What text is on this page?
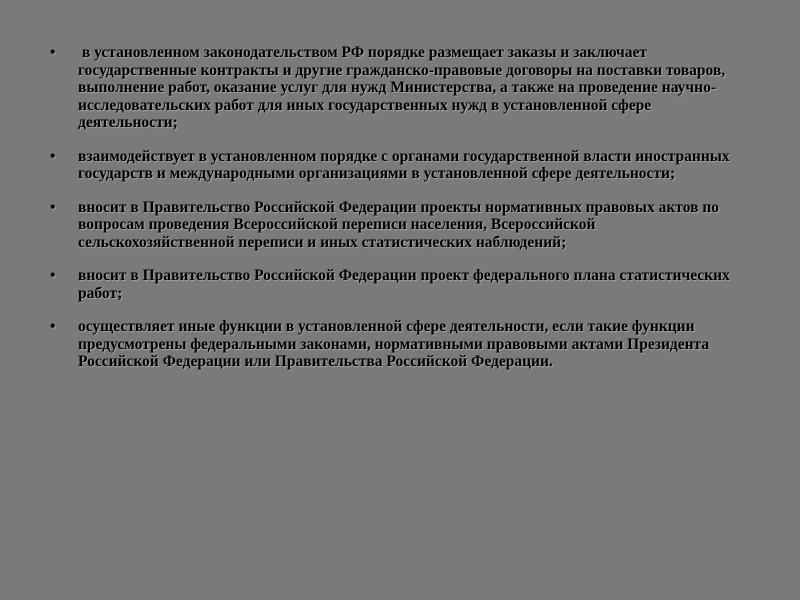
•	в установленном законодательством РФ порядке размещает заказы и заключает государственные контракты и другие гражданско-правовые договоры на поставки товаров, выполнение работ, оказание услуг для нужд Министерства, а также на проведение научно-исследовательских работ для иных государственных нужд в установленной сфере деятельности;
•	взаимодействует в установленном порядке с органами государственной власти иностранных государств и международными организациями в установленной сфере деятельности;
•	вносит в Правительство Российской Федерации проекты нормативных правовых актов по вопросам проведения Всероссийской переписи населения, Всероссийской сельскохозяйственной переписи и иных статистических наблюдений;
•	вносит в Правительство Российской Федерации проект федерального плана статистических работ;
•	осуществляет иные функции в установленной сфере деятельности, если такие функции предусмотрены федеральными законами, нормативными правовыми актами Президента Российской Федерации или Правительства Российской Федерации.
